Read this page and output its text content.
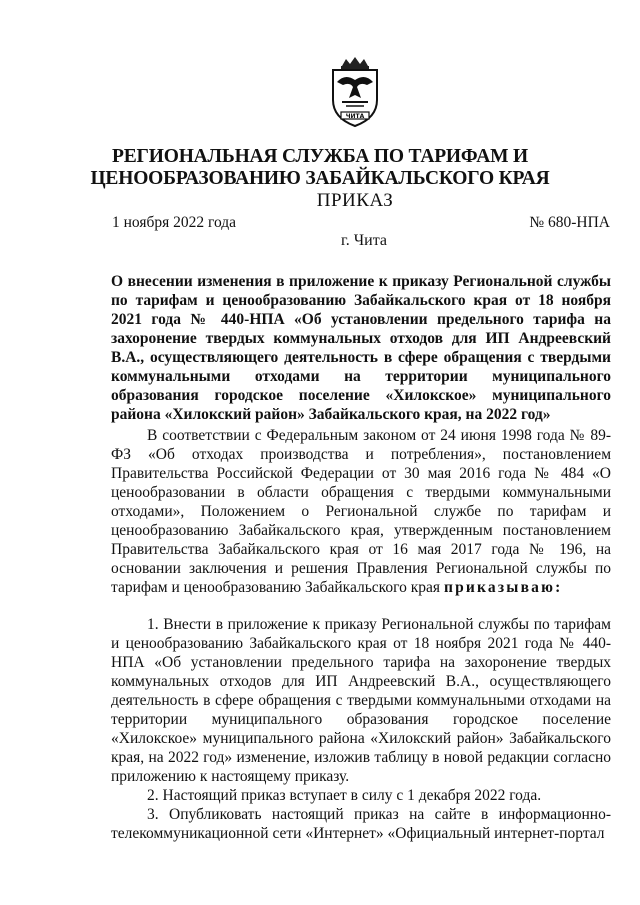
ЧИТА
РЕГИОНАЛЬНАЯ СЛУЖБА ПО ТАРИФАМ И
ЦЕНООБРАЗОВАНИЮ ЗАБАЙКАЛЬСКОГО КРАЯ
ПРИКАЗ
1 ноября 2022 года	№ 680-НПА
г. Чита

О внесении изменения в приложение к приказу Региональной службы по тарифам и ценообразованию Забайкальского края от 18 ноября 2021 года № 440-НПА «Об установлении предельного тарифа на захоронение твердых коммунальных отходов для ИП Андреевский В.А., осуществляющего деятельность в сфере обращения с твердыми коммунальными отходами на территории муниципального образования городское поселение «Хилокское» муниципального района «Хилокский район» Забайкальского края, на 2022 год»

В соответствии с Федеральным законом от 24 июня 1998 года № 89-ФЗ «Об отходах производства и потребления», постановлением Правительства Российской Федерации от 30 мая 2016 года № 484 «О ценообразовании в области обращения с твердыми коммунальными отходами», Положением о Региональной службе по тарифам и ценообразованию Забайкальского края, утвержденным постановлением Правительства Забайкальского края от 16 мая 2017 года № 196, на основании заключения и решения Правления Региональной службы по тарифам и ценообразованию Забайкальского края приказываю:

1. Внести в приложение к приказу Региональной службы по тарифам и ценообразованию Забайкальского края от 18 ноября 2021 года № 440-НПА «Об установлении предельного тарифа на захоронение твердых коммунальных отходов для ИП Андреевский В.А., осуществляющего деятельность в сфере обращения с твердыми коммунальными отходами на территории муниципального образования городское поселение «Хилокское» муниципального района «Хилокский район» Забайкальского края, на 2022 год» изменение, изложив таблицу в новой редакции согласно приложению к настоящему приказу.

2. Настоящий приказ вступает в силу с 1 декабря 2022 года.

3. Опубликовать настоящий приказ на сайте в информационно-телекоммуникационной сети «Интернет» «Официальный интернет-портал
